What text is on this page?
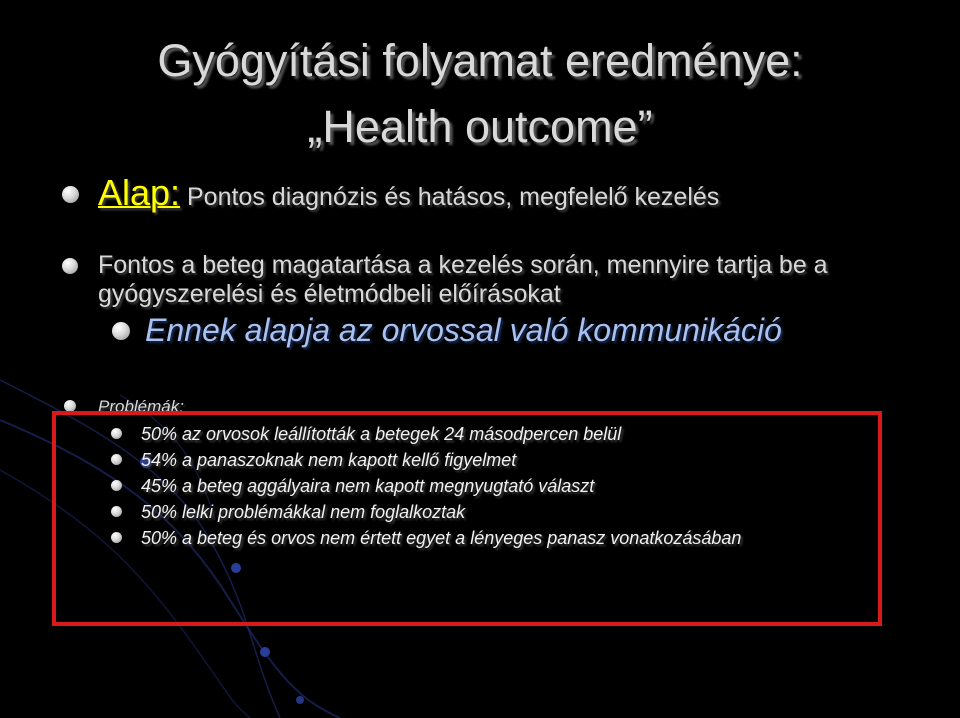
Gyógyítási folyamat eredménye:
„Health outcome”
Alap: Pontos diagnózis és hatásos, megfelelő kezelés
Fontos a beteg magatartása a kezelés során, mennyire tartja be a
gyógyszerelési és életmódbeli előírásokat
Ennek alapja az orvossal való kommunikáció
Problémák:
50% az orvosok leállították a betegek 24 másodpercen belül
54% a panaszoknak nem kapott kellő figyelmet
45% a beteg aggályaira nem kapott megnyugtató választ
50% lelki problémákkal nem foglalkoztak
50% a beteg és orvos nem értett egyet a lényeges panasz vonatkozásában
